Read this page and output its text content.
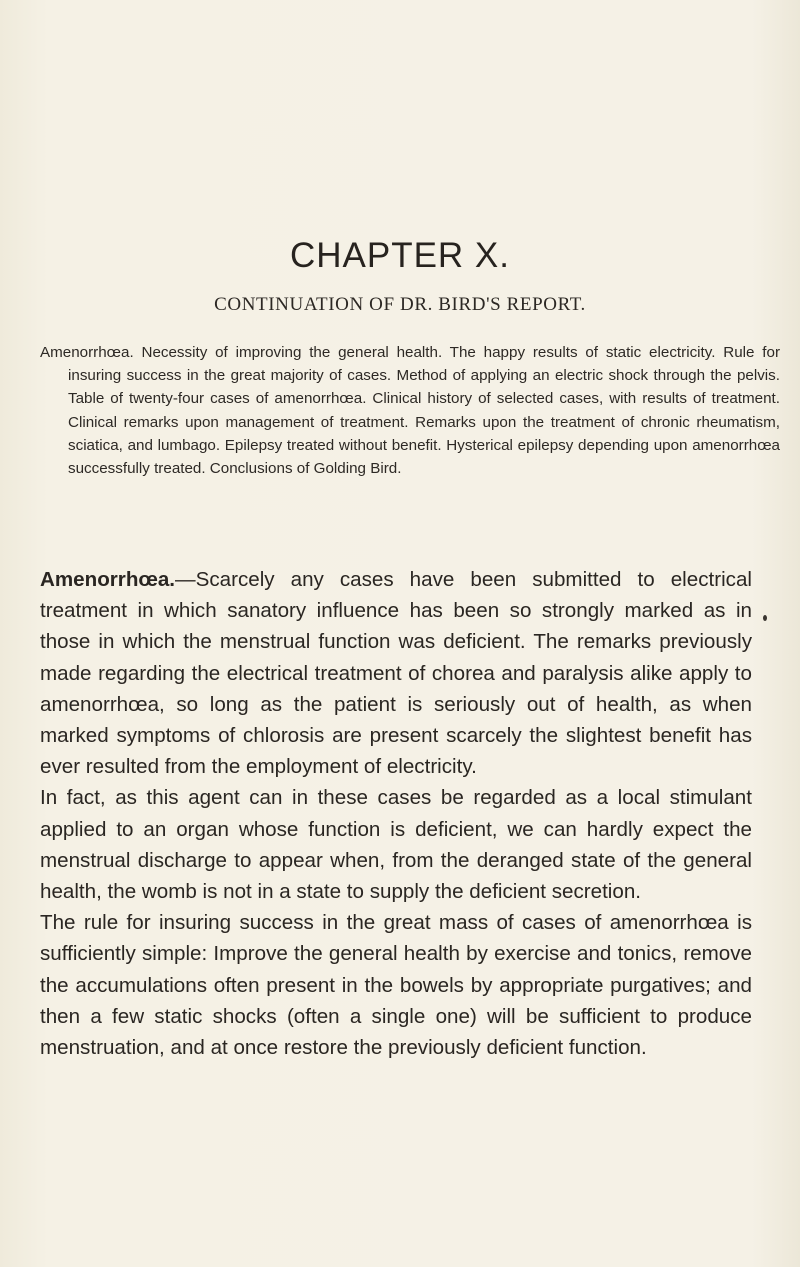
CHAPTER X.
CONTINUATION OF DR. BIRD'S REPORT.
Amenorrhœa. Necessity of improving the general health. The happy results of static electricity. Rule for insuring success in the great majority of cases. Method of applying an electric shock through the pelvis. Table of twenty-four cases of amenorrhœa. Clinical history of selected cases, with results of treatment. Clinical remarks upon management of treatment. Remarks upon the treatment of chronic rheumatism, sciatica, and lumbago. Epilepsy treated without benefit. Hysterical epilepsy depending upon amenorrhœa successfully treated. Conclusions of Golding Bird.

Amenorrhœa.—Scarcely any cases have been submitted to electrical treatment in which sanatory influence has been so strongly marked as in those in which the menstrual function was deficient. The remarks previously made regarding the electrical treatment of chorea and paralysis alike apply to amenorrhœa, so long as the patient is seriously out of health, as when marked symptoms of chlorosis are present scarcely the slightest benefit has ever resulted from the employment of electricity.

In fact, as this agent can in these cases be regarded as a local stimulant applied to an organ whose function is deficient, we can hardly expect the menstrual discharge to appear when, from the deranged state of the general health, the womb is not in a state to supply the deficient secretion.

The rule for insuring success in the great mass of cases of amenorrhœa is sufficiently simple: Improve the general health by exercise and tonics, remove the accumulations often present in the bowels by appropriate purgatives; and then a few static shocks (often a single one) will be sufficient to produce menstruation, and at once restore the previously deficient function.
